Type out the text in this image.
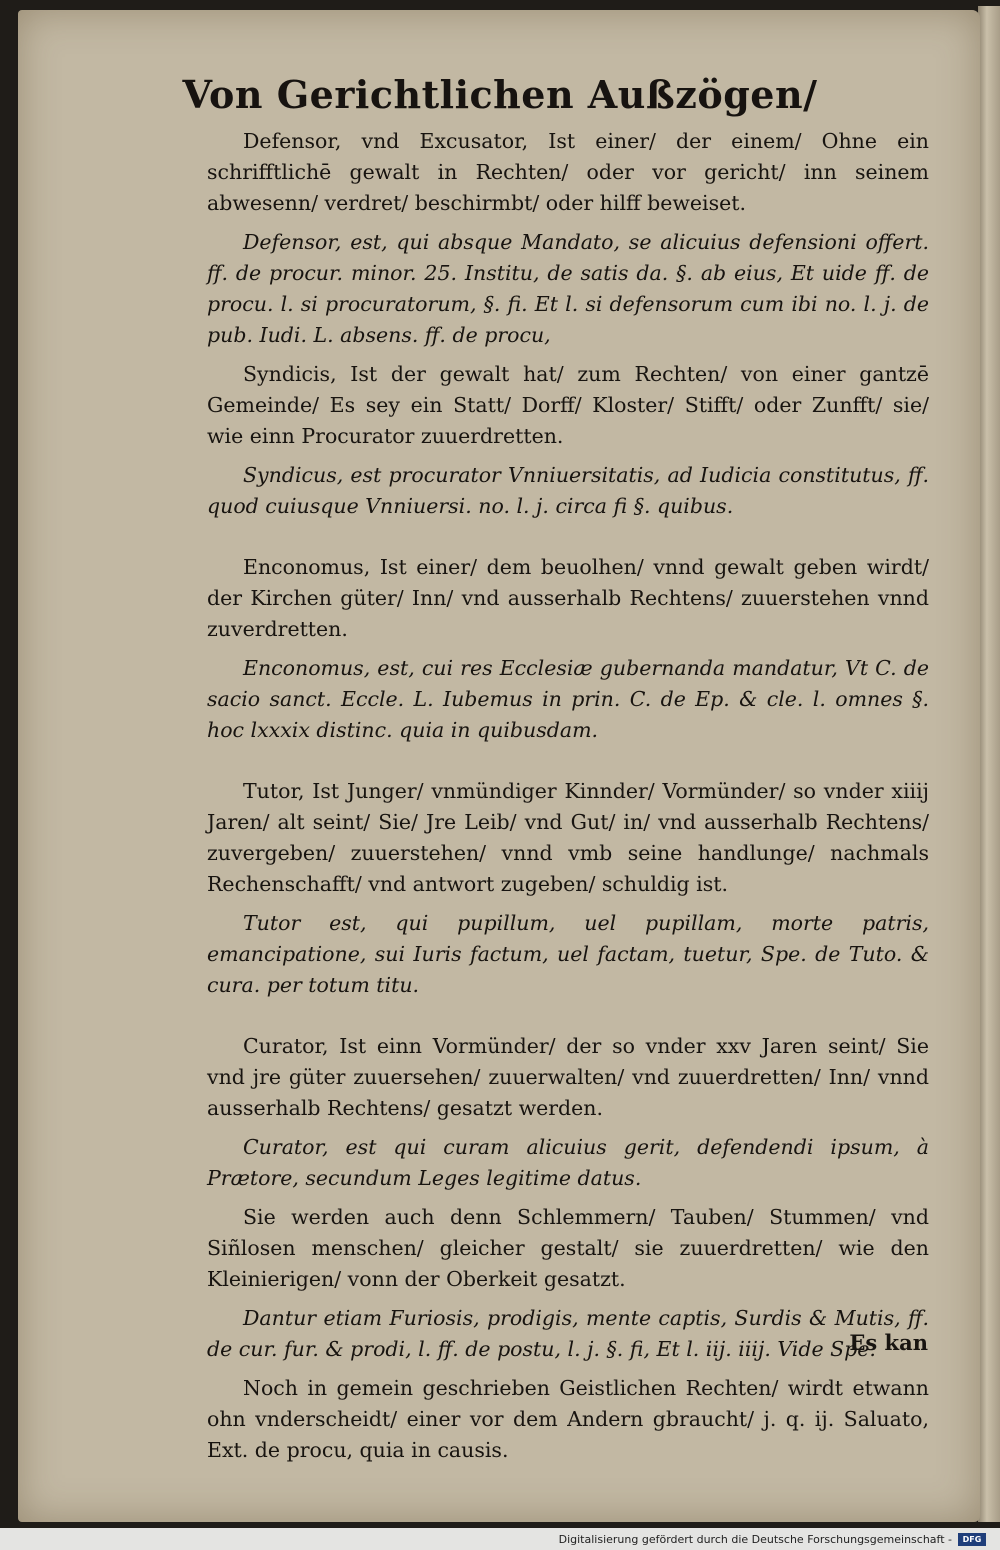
Von Gerichtlichen Außzögen/

Defensor, vnd Excusator, Ist einer/ der einem/ Ohne ein schrifftlichē gewalt in Rechten/ oder vor gericht/ inn seinem abwesenn/ verdret/ beschirmbt/ oder hilff beweiset.

Defensor, est, qui absque Mandato, se alicuius defensioni offert. ff. de procur. minor. 25. Institu, de satis da. §. ab eius, Et uide ff. de procu. l. si procuratorum, §. fi. Et l. si defensorum cum ibi no. l. j. de pub. Iudi. L. absens. ff. de procu,

Syndicis, Ist der gewalt hat/ zum Rechten/ von einer gantzē Gemeinde/ Es sey ein Statt/ Dorff/ Kloster/ Stifft/ oder Zunfft/ sie/ wie einn Procurator zuuerdretten.

Syndicus, est procurator Vnniuersitatis, ad Iudicia constitutus, ff. quod cuiusque Vnniuersi. no. l. j. circa fi §. quibus.

Enconomus, Ist einer/ dem beuolhen/ vnnd gewalt geben wirdt/ der Kirchen güter/ Inn/ vnd ausserhalb Rechtens/ zuuerstehen vnnd zuverdretten.

Enconomus, est, cui res Ecclesiæ gubernanda mandatur, Vt C. de sacio sanct. Eccle. L. Iubemus in prin. C. de Ep. & cle. l. omnes §. hoc lxxxix distinc. quia in quibusdam.

Tutor, Ist Junger/ vnmündiger Kinnder/ Vormünder/ so vnder xiiij Jaren/ alt seint/ Sie/ Jre Leib/ vnd Gut/ in/ vnd ausserhalb Rechtens/ zuvergeben/ zuuerstehen/ vnnd vmb seine handlunge/ nachmals Rechenschafft/ vnd antwort zugeben/ schuldig ist.

Tutor est, qui pupillum, uel pupillam, morte patris, emancipatione, sui Iuris factum, uel factam, tuetur, Spe. de Tuto. & cura. per totum titu.

Curator, Ist einn Vormünder/ der so vnder xxv Jaren seint/ Sie vnd jre güter zuuersehen/ zuuerwalten/ vnd zuuerdretten/ Inn/ vnnd ausserhalb Rechtens/ gesatzt werden.

Curator, est qui curam alicuius gerit, defendendi ipsum, à Prætore, secundum Leges legitime datus.

Sie werden auch denn Schlemmern/ Tauben/ Stummen/ vnd Siñlosen menschen/ gleicher gestalt/ sie zuuerdretten/ wie den Kleinierigen/ vonn der Oberkeit gesatzt.

Dantur etiam Furiosis, prodigis, mente captis, Surdis & Mutis, ff. de cur. fur. & prodi, l. ff. de postu, l. j. §. fi, Et l. iij. iiij. Vide Spe.

Noch in gemein geschrieben Geistlichen Rechten/ wirdt etwann ohn vnderscheidt/ einer vor dem Andern gbraucht/ j. q. ij. Saluato, Ext. de procu, quia in causis.

Es kan
Digitalisierung gefördert durch die Deutsche Forschungsgemeinschaft -	DFG
